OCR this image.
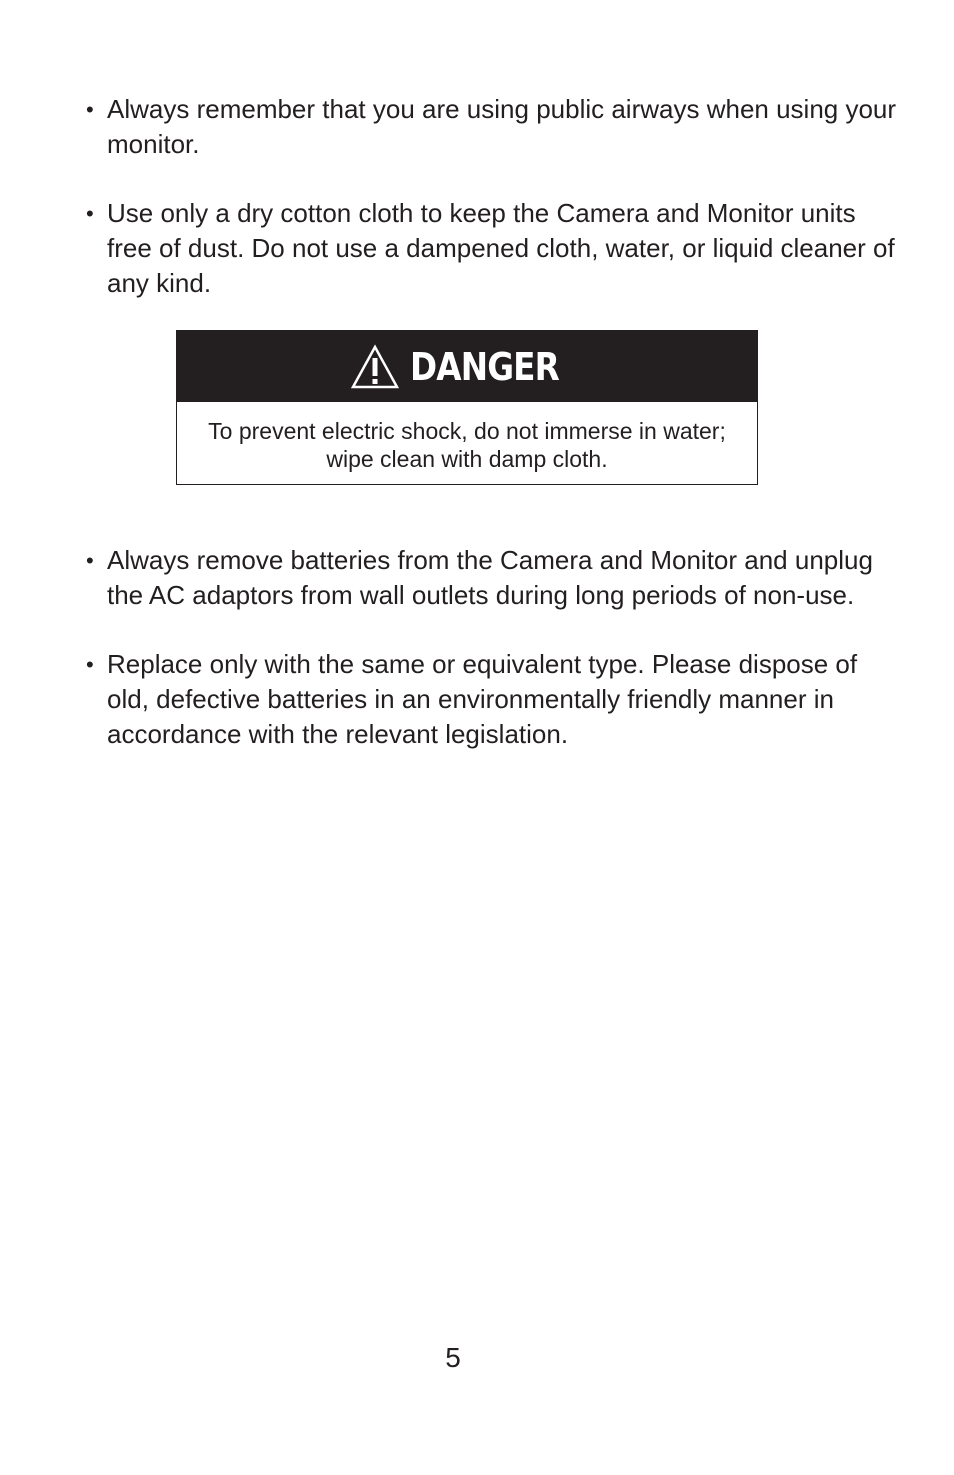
• Always remember that you are using public airways when using your monitor.
• Use only a dry cotton cloth to keep the Camera and Monitor units free of dust. Do not use a dampened cloth, water, or liquid cleaner of any kind.
DANGER
To prevent electric shock, do not immerse in water; wipe clean with damp cloth.
• Always remove batteries from the Camera and Monitor and unplug the AC adaptors from wall outlets during long periods of non-use.
• Replace only with the same or equivalent type. Please dispose of old, defective batteries in an environmentally friendly manner in accordance with the relevant legislation.
5
